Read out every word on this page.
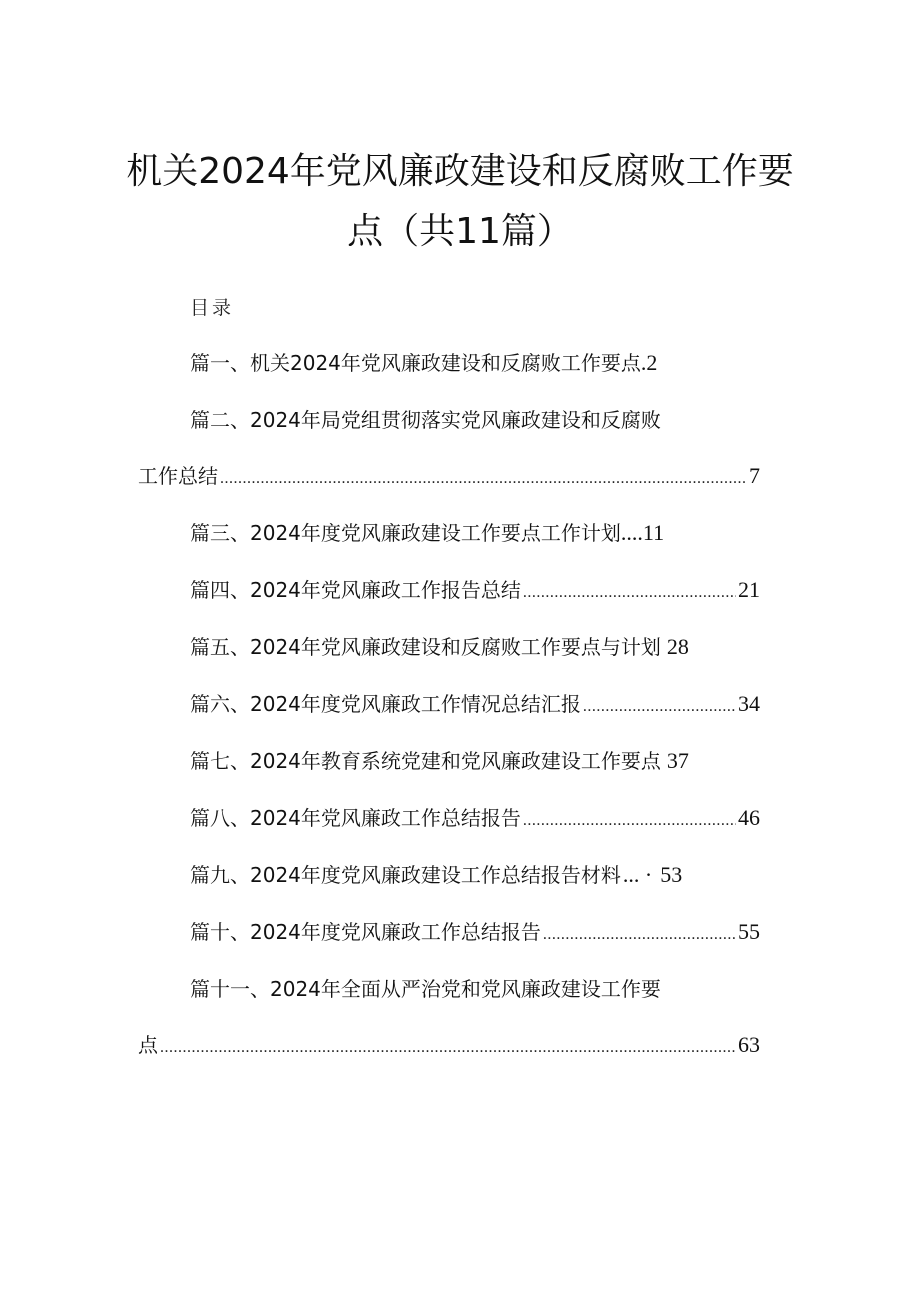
机关2024年党风廉政建设和反腐败工作要
点（共11篇）
目录
篇一、机关2024年党风廉政建设和反腐败工作要点 . 2
篇二、2024年局党组贯彻落实党风廉政建设和反腐败
工作总结 .....	7
篇三、2024年度党风廉政建设工作要点工作计划 .... 11
篇四、2024年党风廉政工作报告总结 .....	21
篇五、2024年党风廉政建设和反腐败工作要点与计划 28
篇六、2024年度党风廉政工作情况总结汇报 .....	34
篇七、2024年教育系统党建和党风廉政建设工作要点 37
篇八、2024年党风廉政工作总结报告 .....	46
篇九、2024年度党风廉政建设工作总结报告材料 ... · 53
篇十、2024年度党风廉政工作总结报告 .....	55
篇十一、2024年全面从严治党和党风廉政建设工作要
点 .....	63
